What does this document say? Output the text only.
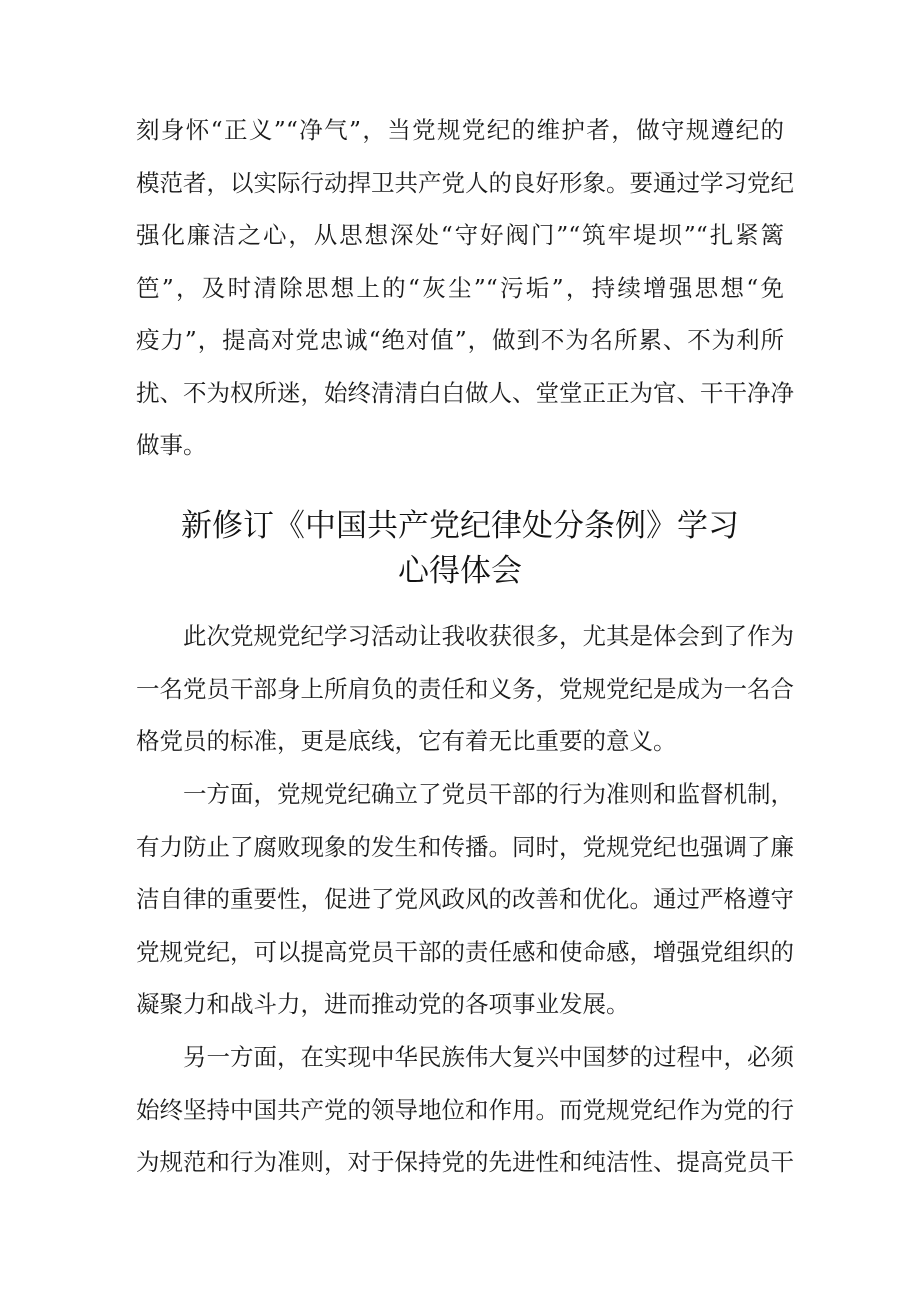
刻身怀“正义”“净气”，当党规党纪的维护者，做守规遵纪的
模范者，以实际行动捍卫共产党人的良好形象。要通过学习党纪
强化廉洁之心，从思想深处“守好阀门”“筑牢堤坝”“扎紧篱
笆”，及时清除思想上的“灰尘”“污垢”，持续增强思想“免
疫力”，提高对党忠诚“绝对值”，做到不为名所累、不为利所
扰、不为权所迷，始终清清白白做人、堂堂正正为官、干干净净
做事。
新修订《中国共产党纪律处分条例》学习
心得体会
　　此次党规党纪学习活动让我收获很多，尤其是体会到了作为
一名党员干部身上所肩负的责任和义务，党规党纪是成为一名合
格党员的标准，更是底线，它有着无比重要的意义。
　　一方面，党规党纪确立了党员干部的行为准则和监督机制，
有力防止了腐败现象的发生和传播。同时，党规党纪也强调了廉
洁自律的重要性，促进了党风政风的改善和优化。通过严格遵守
党规党纪，可以提高党员干部的责任感和使命感，增强党组织的
凝聚力和战斗力，进而推动党的各项事业发展。
　　另一方面，在实现中华民族伟大复兴中国梦的过程中，必须
始终坚持中国共产党的领导地位和作用。而党规党纪作为党的行
为规范和行为准则，对于保持党的先进性和纯洁性、提高党员干
